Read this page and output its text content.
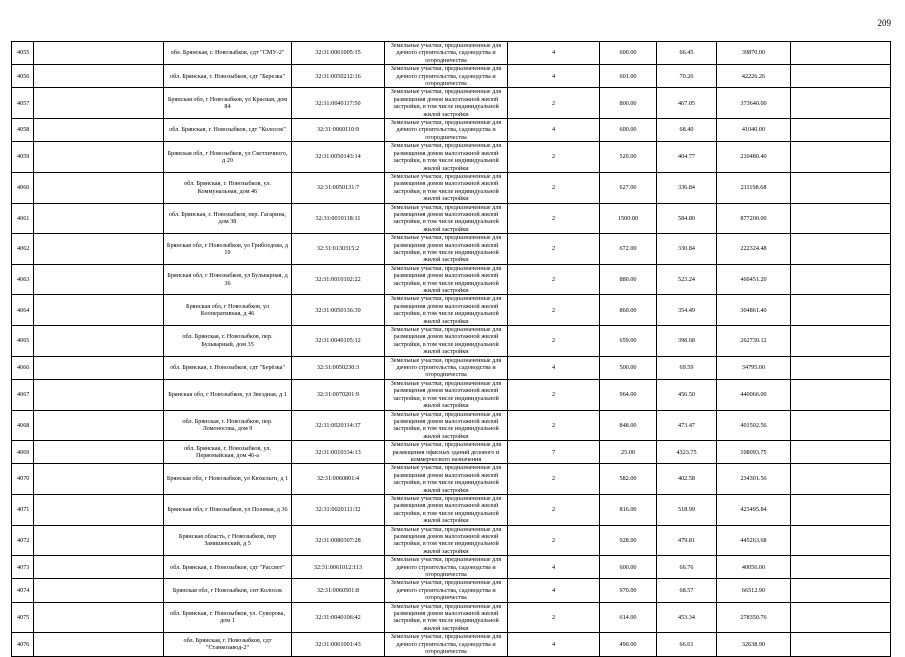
209
4055		обл. Брянская, г. Новозыбков, сдт "СМУ-2"	32:31:0061005:15	Земельные участки, предназначенные для дачного строительства, садоводства и огородничества	4	600.00	66.45	39870.00	
4056		обл. Брянская, г. Новозыбков, сдт "Березка"	32:31:0050212:16	Земельные участки, предназначенные для дачного строительства, садоводства и огородничества	4	601.00	70.26	42226.26	
4057		Брянская обл, г Новозыбков, ул Красная, дом 84	32:31:0040117:50	Земельные участки, предназначенные для размещения домов малоэтажной жилой застройки, в том числе индивидуальной жилой застройки	2	800.00	467.05	373640.00	
4058		обл. Брянская, г. Новозыбков, сдт "Колосок"	32:31:0060110:9	Земельные участки, предназначенные для дачного строительства, садоводства и огородничества	4	600.00	68.40	41040.00	
4059		Брянская обл, г Новозыбков, ул Светличного, д 20	32:31:0050143:14	Земельные участки, предназначенные для размещения домов малоэтажной жилой застройки, в том числе индивидуальной жилой застройки	2	520.00	404.77	210480.40	
4060		обл. Брянская, г. Новозыбков, ул. Коммунальная, дом 46	32:31:0050131:7	Земельные участки, предназначенные для размещения домов малоэтажной жилой застройки, в том числе индивидуальной жилой застройки	2	627.00	336.84	211198.68	
4061		обл. Брянская, г. Новозыбков, пер. Гагарина, дом 38	32:31:0010118:11	Земельные участки, предназначенные для размещения домов малоэтажной жилой застройки, в том числе индивидуальной жилой застройки	2	1500.00	584.80	877200.00	
4062		Брянская обл, г Новозыбков, ул Грибоедова, д 10	32:31:0130315:2	Земельные участки, предназначенные для размещения домов малоэтажной жилой застройки, в том числе индивидуальной жилой застройки	2	672.00	330.84	222324.48	
4063		Брянская обл, г Новозыбков, ул Бульварная, д 36	32:31:0010102:22	Земельные участки, предназначенные для размещения домов малоэтажной жилой застройки, в том числе индивидуальной жилой застройки	2	880.00	523.24	460451.20	
4064		Брянская обл, г Новозыбков, ул Кооперативная, д 46	32:31:0050136:39	Земельные участки, предназначенные для размещения домов малоэтажной жилой застройки, в том числе индивидуальной жилой застройки	2	860.00	354.49	304861.40	
4065		обл. Брянская, г. Новозыбков, пер. Бульварный, дом 35	32:31:0040105:12	Земельные участки, предназначенные для размещения домов малоэтажной жилой застройки, в том числе индивидуальной жилой застройки	2	659.00	398.68	262730.12	
4066		обл. Брянская, г. Новозыбков, сдт "Берёзка"	32:31:0050230:3	Земельные участки, предназначенные для дачного строительства, садоводства и огородничества	4	500.00	69.59	34795.00	
4067		Брянская обл, г Новозыбков, ул Звездная, д 1	32:31:0070201:9	Земельные участки, предназначенные для размещения домов малоэтажной жилой застройки, в том числе индивидуальной жилой застройки	2	964.00	456.50	440066.00	
4068		обл. Брянская, г. Новозыбков, пер. Ломоносова, дом 9	32:31:0020114:37	Земельные участки, предназначенные для размещения домов малоэтажной жилой застройки, в том числе индивидуальной жилой застройки	2	848.00	473.47	401502.56	
4069		обл. Брянская, г. Новозыбков, ул. Первомайская, дом 46-а	32:31:0010334:13	Земельные участки, предназначенные для размещения офисных зданий делового и коммерческого назначения	7	25.00	4323.75	108093.75	
4070		Брянская обл, г Новозыбков, ул Кюхельгн, д 1	32:31:0060801:4	Земельные участки, предназначенные для размещения домов малоэтажной жилой застройки, в том числе индивидуальной жилой застройки	2	582.00	402.58	234301.56	
4071		Брянская обл, г Новозыбков, ул Полевая, д 36	32:31:0020111:32	Земельные участки, предназначенные для размещения домов малоэтажной жилой застройки, в том числе индивидуальной жилой застройки	2	816.00	518.99	423495.84	
4072		Брянская область, г Новозыбков, пер Замишевский, д 5	32:31:0080307:28	Земельные участки, предназначенные для размещения домов малоэтажной жилой застройки, в том числе индивидуальной жилой застройки	2	928.00	479.81	445263.68	
4073		обл. Брянская, г. Новозыбков, сдт "Рассвет"	32:31:0061012:113	Земельные участки, предназначенные для дачного строительства, садоводства и огородничества	4	600.00	66.76	40056.00	
4074		Брянская обл, г Новозыбков, снт Колосок	32:31:0060501:8	Земельные участки, предназначенные для дачного строительства, садоводства и огородничества	4	970.00	68.57	66512.90	
4075		обл. Брянская, г. Новозыбков, ул. Суворова, дом 1	32:31:0040106:42	Земельные участки, предназначенные для размещения домов малоэтажной жилой застройки, в том числе индивидуальной жилой застройки	2	614.00	453.34	278350.76	
4076		обл. Брянская, г. Новозыбков, сдт "Станкозавод-2"	32:31:0061001:43	Земельные участки, предназначенные для дачного строительства, садоводства и огородничества	4	490.00	66.61	32638.90	
